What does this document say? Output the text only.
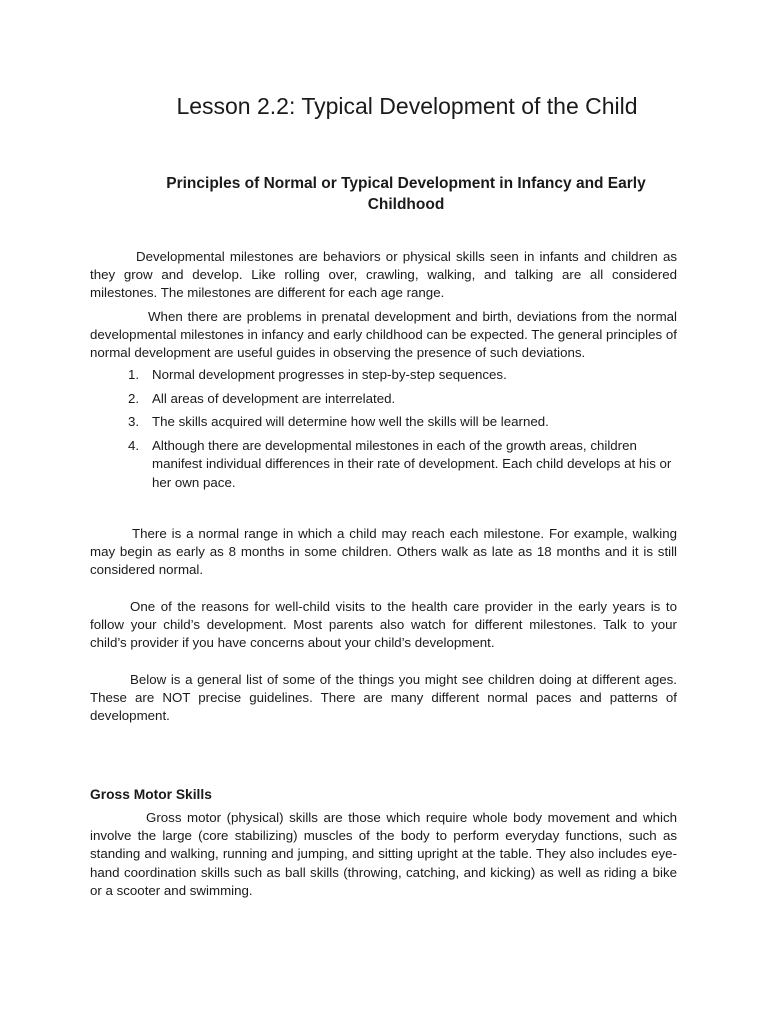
Lesson 2.2: Typical Development of the Child
Principles of Normal or Typical Development in Infancy and Early Childhood

Developmental milestones are behaviors or physical skills seen in infants and children as they grow and develop. Like rolling over, crawling, walking, and talking are all considered milestones. The milestones are different for each age range.

When there are problems in prenatal development and birth, deviations from the normal developmental milestones in infancy and early childhood can be expected. The general principles of normal development are useful guides in observing the presence of such deviations.

1. Normal development progresses in step-by-step sequences.
2. All areas of development are interrelated.
3. The skills acquired will determine how well the skills will be learned.
4. Although there are developmental milestones in each of the growth areas, children manifest individual differences in their rate of development. Each child develops at his or her own pace.

There is a normal range in which a child may reach each milestone. For example, walking may begin as early as 8 months in some children. Others walk as late as 18 months and it is still considered normal.

One of the reasons for well-child visits to the health care provider in the early years is to follow your child’s development. Most parents also watch for different milestones. Talk to your child’s provider if you have concerns about your child’s development.

Below is a general list of some of the things you might see children doing at different ages. These are NOT precise guidelines. There are many different normal paces and patterns of development.

Gross Motor Skills

Gross motor (physical) skills are those which require whole body movement and which involve the large (core stabilizing) muscles of the body to perform everyday functions, such as standing and walking, running and jumping, and sitting upright at the table. They also includes eye-hand coordination skills such as ball skills (throwing, catching, and kicking) as well as riding a bike or a scooter and swimming.
